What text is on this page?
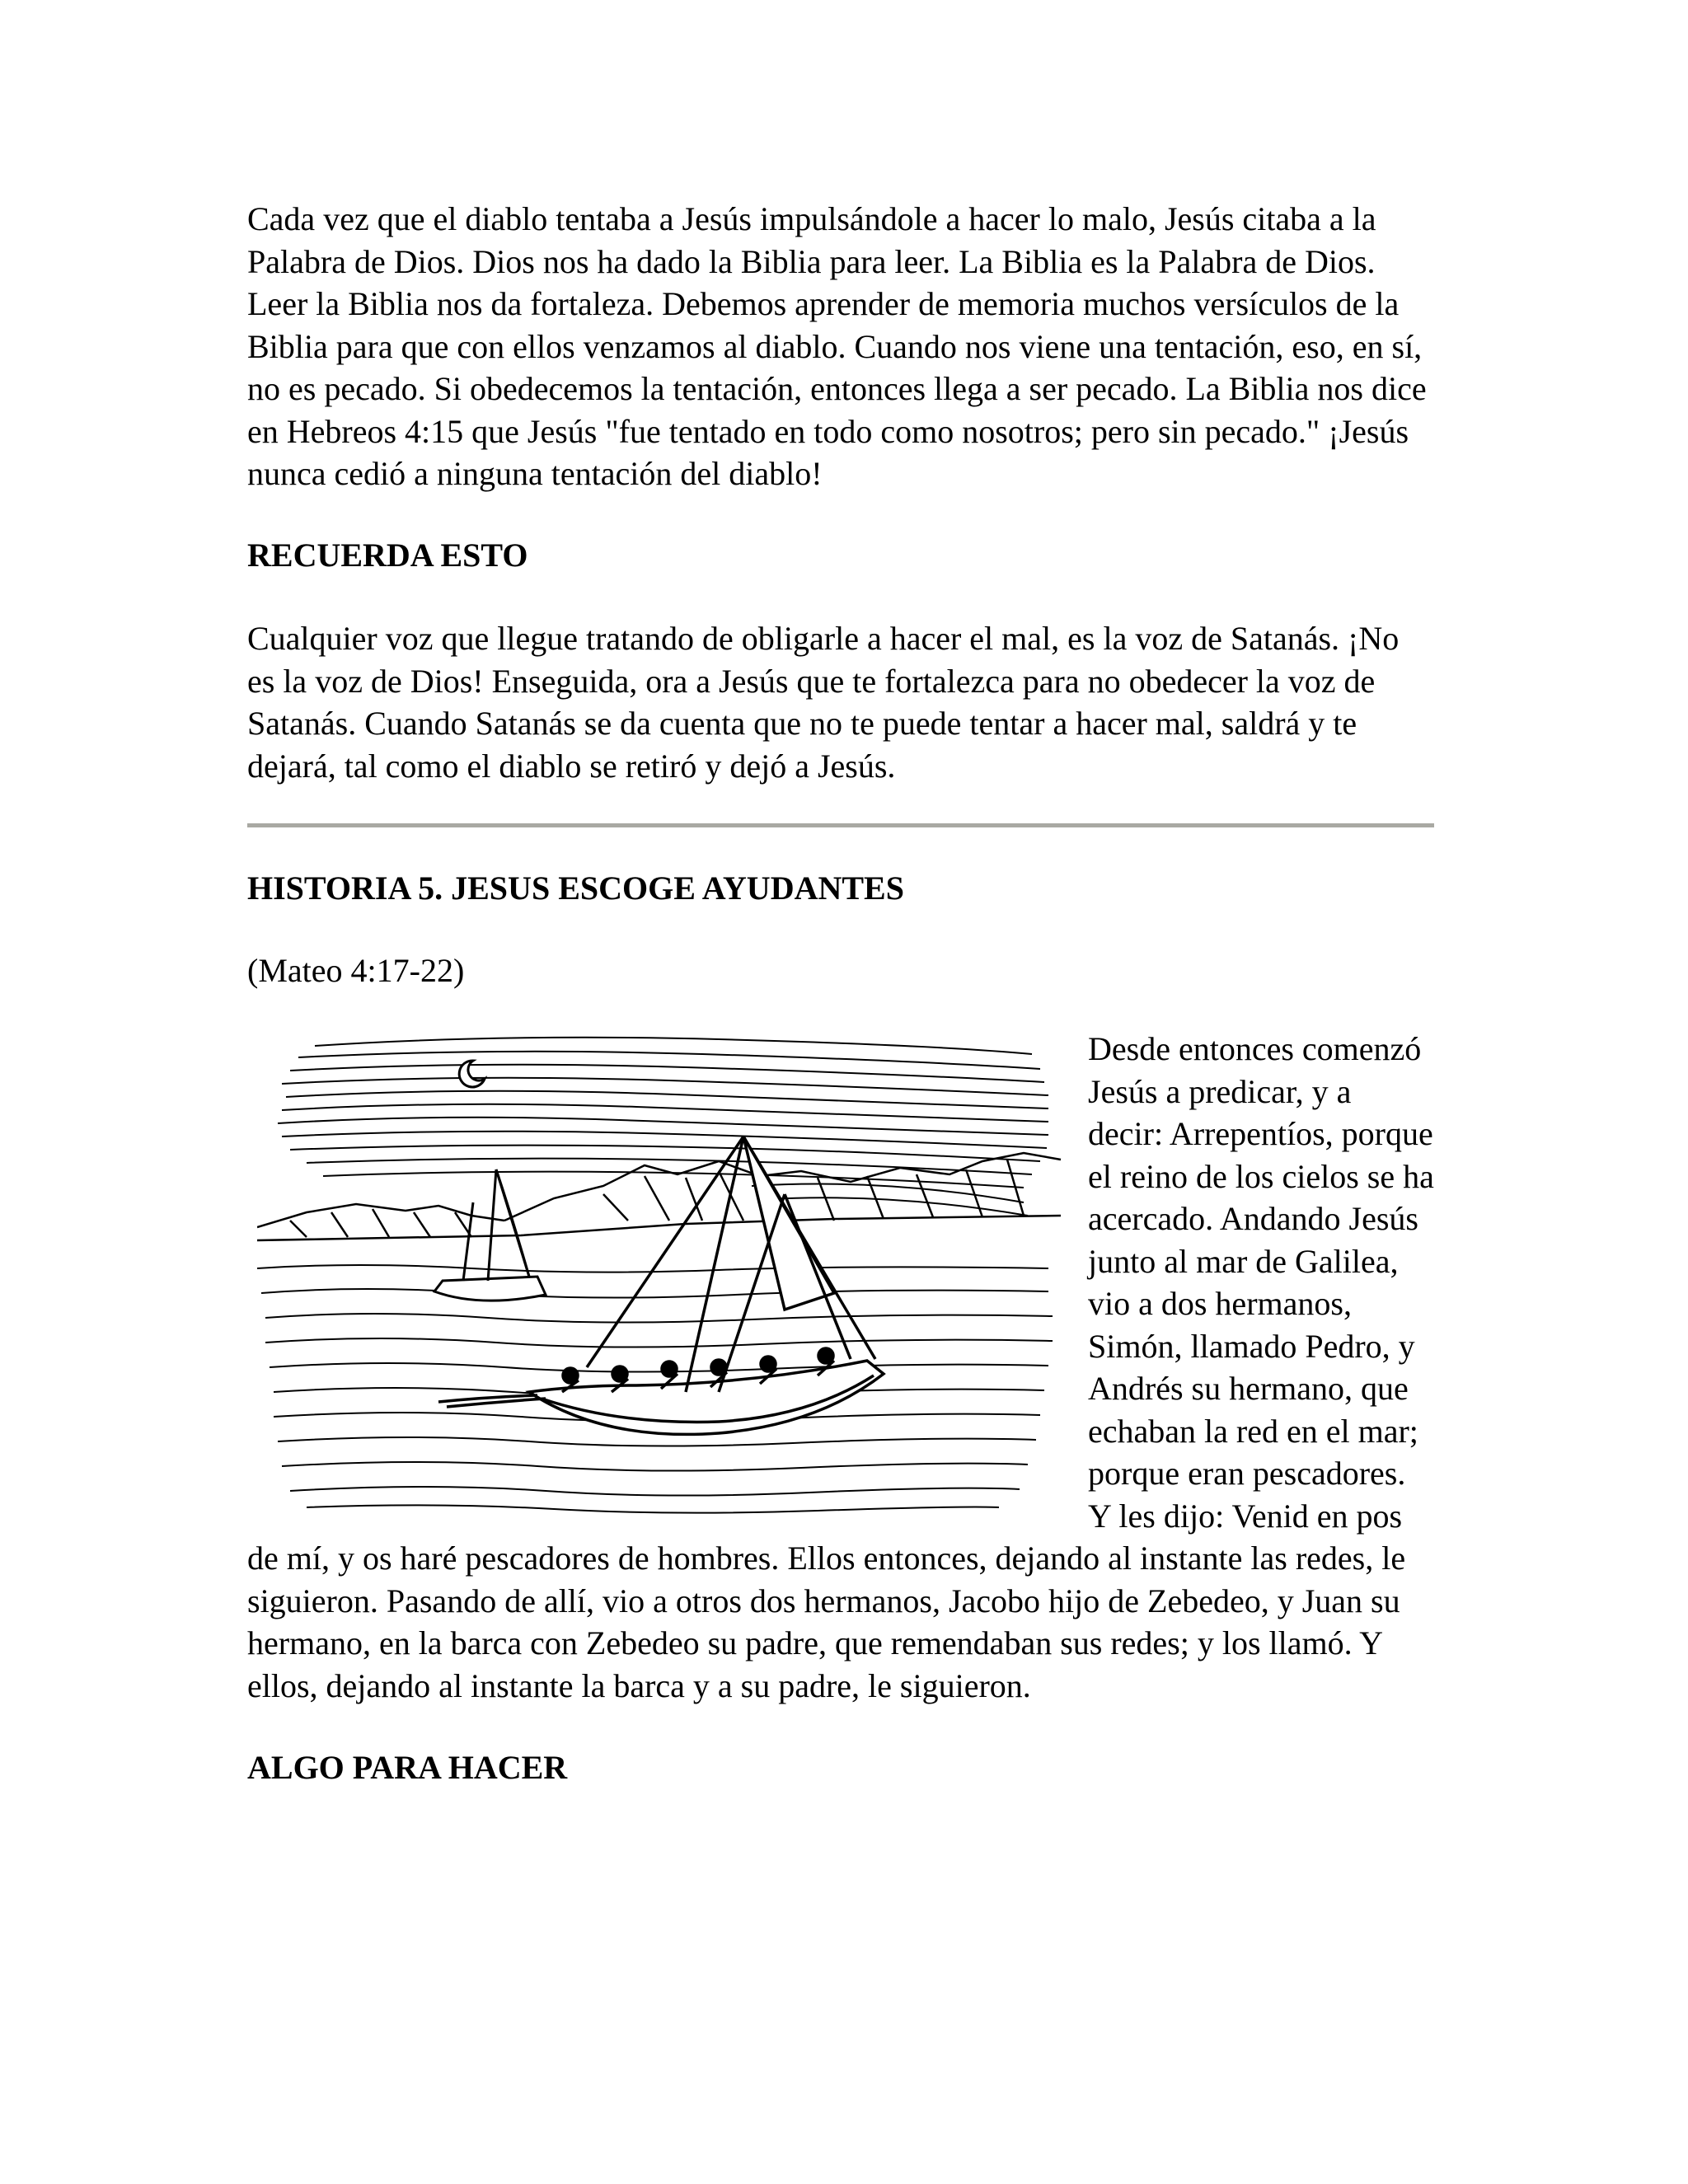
Cada vez que el diablo tentaba a Jesús impulsándole a hacer lo malo, Jesús citaba a la Palabra de Dios. Dios nos ha dado la Biblia para leer. La Biblia es la Palabra de Dios. Leer la Biblia nos da fortaleza. Debemos aprender de memoria muchos versículos de la Biblia para que con ellos venzamos al diablo. Cuando nos viene una tentación, eso, en sí, no es pecado. Si obedecemos la tentación, entonces llega a ser pecado. La Biblia nos dice en Hebreos 4:15 que Jesús "fue tentado en todo como nosotros; pero sin pecado." ¡Jesús nunca cedió a ninguna tentación del diablo!

RECUERDA ESTO

Cualquier voz que llegue tratando de obligarle a hacer el mal, es la voz de Satanás. ¡No es la voz de Dios! Enseguida, ora a Jesús que te fortalezca para no obedecer la voz de Satanás. Cuando Satanás se da cuenta que no te puede tentar a hacer mal, saldrá y te dejará, tal como el diablo se retiró y dejó a Jesús.

HISTORIA 5. JESUS ESCOGE AYUDANTES

(Mateo 4:17-22)

Desde entonces comenzó Jesús a predicar, y a decir: Arrepentíos, porque el reino de los cielos se ha acercado. Andando Jesús junto al mar de Galilea, vio a dos hermanos, Simón, llamado Pedro, y Andrés su hermano, que echaban la red en el mar; porque eran pescadores. Y les dijo: Venid en pos de mí, y os haré pescadores de hombres. Ellos entonces, dejando al instante las redes, le siguieron. Pasando de allí, vio a otros dos hermanos, Jacobo hijo de Zebedeo, y Juan su hermano, en la barca con Zebedeo su padre, que remendaban sus redes; y los llamó. Y ellos, dejando al instante la barca y a su padre, le siguieron.

ALGO PARA HACER
